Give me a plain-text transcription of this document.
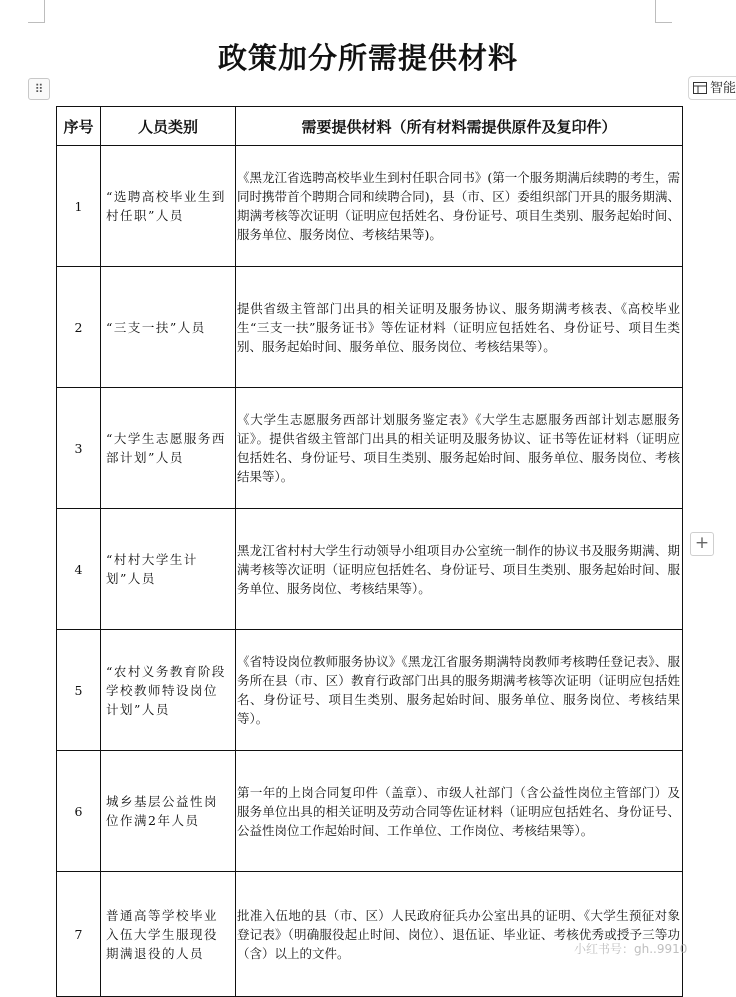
政策加分所需提供材料
⠿	智能
+
序号	人员类别	需要提供材料（所有材料需提供原件及复印件）
1	“选聘高校毕业生到村任职”人员	《黑龙江省选聘高校毕业生到村任职合同书》(第一个服务期满后续聘的考生，需同时携带首个聘期合同和续聘合同)，县（市、区）委组织部门开具的服务期满、期满考核等次证明（证明应包括姓名、身份证号、项目生类别、服务起始时间、服务单位、服务岗位、考核结果等)。
2	“三支一扶”人员	提供省级主管部门出具的相关证明及服务协议、服务期满考核表、《高校毕业生“三支一扶”服务证书》等佐证材料（证明应包括姓名、身份证号、项目生类别、服务起始时间、服务单位、服务岗位、考核结果等）。
3	“大学生志愿服务西部计划”人员	《大学生志愿服务西部计划服务鉴定表》《大学生志愿服务西部计划志愿服务证》。提供省级主管部门出具的相关证明及服务协议、证书等佐证材料（证明应包括姓名、身份证号、项目生类别、服务起始时间、服务单位、服务岗位、考核结果等）。
4	“村村大学生计划”人员	黑龙江省村村大学生行动领导小组项目办公室统一制作的协议书及服务期满、期满考核等次证明（证明应包括姓名、身份证号、项目生类别、服务起始时间、服务单位、服务岗位、考核结果等）。
5	“农村义务教育阶段学校教师特设岗位计划”人员	《省特设岗位教师服务协议》《黑龙江省服务期满特岗教师考核聘任登记表》、服务所在县（市、区）教育行政部门出具的服务期满考核等次证明（证明应包括姓名、身份证号、项目生类别、服务起始时间、服务单位、服务岗位、考核结果等）。
6	城乡基层公益性岗位作满2年人员	第一年的上岗合同复印件（盖章）、市级人社部门（含公益性岗位主管部门）及服务单位出具的相关证明及劳动合同等佐证材料（证明应包括姓名、身份证号、公益性岗位工作起始时间、工作单位、工作岗位、考核结果等）。
7	普通高等学校毕业入伍大学生服现役期满退役的人员	批准入伍地的县（市、区）人民政府征兵办公室出具的证明、《大学生预征对象登记表》（明确服役起止时间、岗位）、退伍证、毕业证、考核优秀或授予三等功（含）以上的文件。	小红书号：gh..9910
